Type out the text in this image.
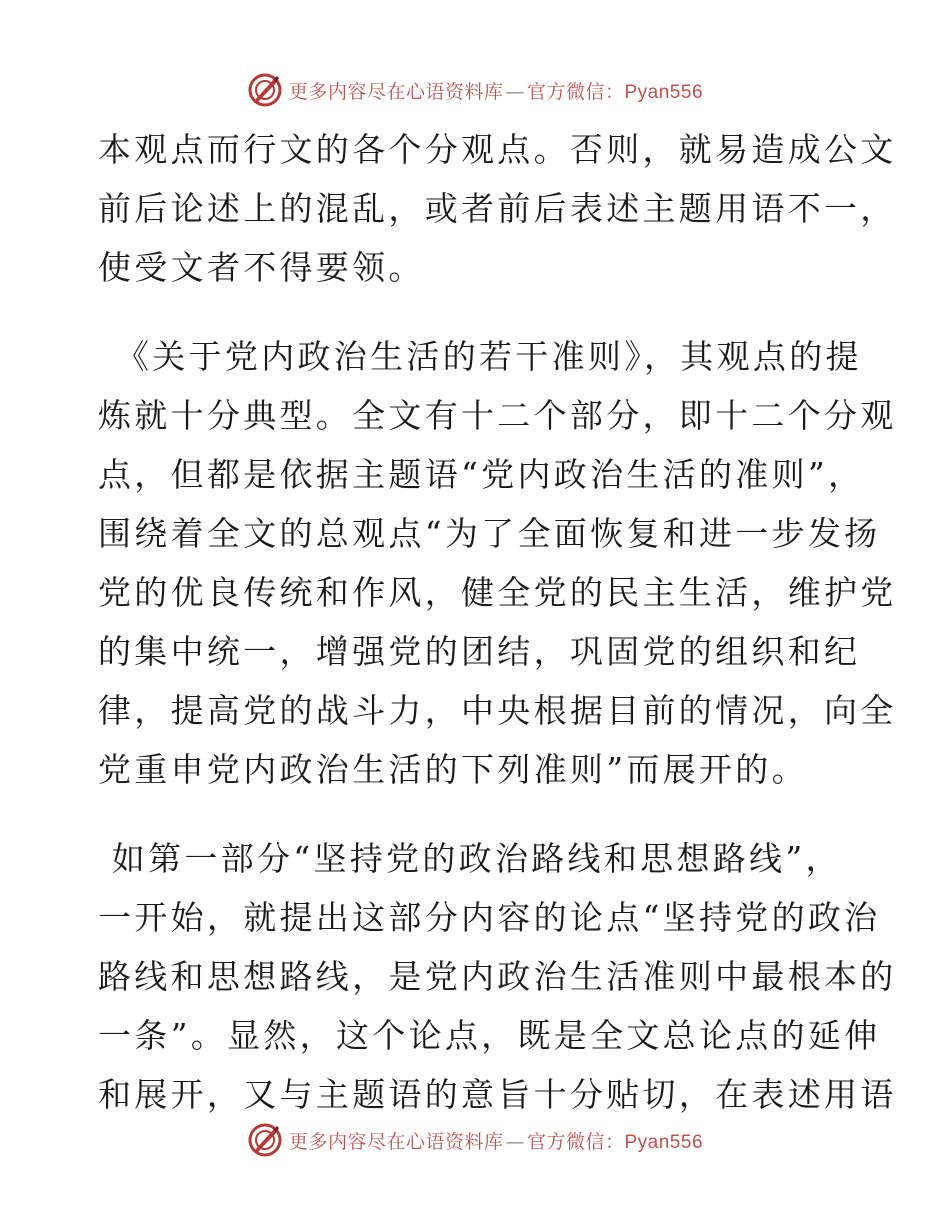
更多内容尽在心语资料库 — 官方微信：Pyan556
本观点而行文的各个分观点。否则，就易造成公文
前后论述上的混乱，或者前后表述主题用语不一，
使受文者不得要领。
《关于党内政治生活的若干准则》，其观点的提
炼就十分典型。全文有十二个部分，即十二个分观
点，但都是依据主题语“党内政治生活的准则”，
围绕着全文的总观点“为了全面恢复和进一步发扬
党的优良传统和作风，健全党的民主生活，维护党
的集中统一，增强党的团结，巩固党的组织和纪
律，提高党的战斗力，中央根据目前的情况，向全
党重申党内政治生活的下列准则”而展开的。
如第一部分“坚持党的政治路线和思想路线”，
一开始，就提出这部分内容的论点“坚持党的政治
路线和思想路线，是党内政治生活准则中最根本的
一条”。显然，这个论点，既是全文总论点的延伸
和展开，又与主题语的意旨十分贴切，在表述用语
更多内容尽在心语资料库 — 官方微信：Pyan556
